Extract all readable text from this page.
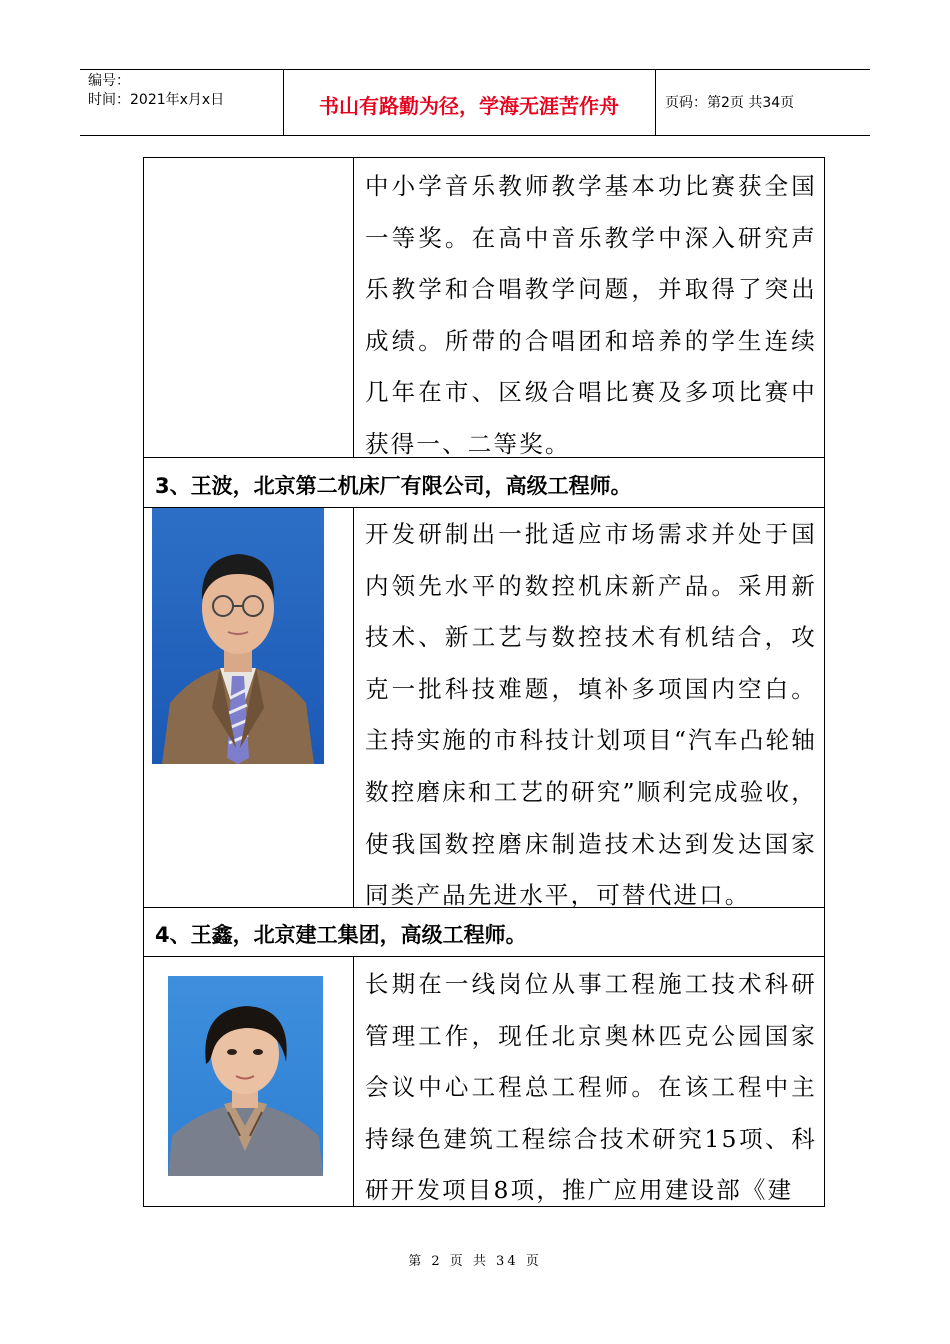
编号：
时间：2021年x月x日	书山有路勤为径，学海无涯苦作舟	页码：第2页 共34页
中小学音乐教师教学基本功比赛获全国一等奖。在高中音乐教学中深入研究声乐教学和合唱教学问题，并取得了突出成绩。所带的合唱团和培养的学生连续几年在市、区级合唱比赛及多项比赛中获得一、二等奖。
3、王波，北京第二机床厂有限公司，高级工程师。
开发研制出一批适应市场需求并处于国内领先水平的数控机床新产品。采用新技术、新工艺与数控技术有机结合，攻克一批科技难题，填补多项国内空白。主持实施的市科技计划项目“汽车凸轮轴数控磨床和工艺的研究”顺利完成验收，使我国数控磨床制造技术达到发达国家同类产品先进水平，可替代进口。
4、王鑫，北京建工集团，高级工程师。
长期在一线岗位从事工程施工技术科研管理工作，现任北京奥林匹克公园国家会议中心工程总工程师。在该工程中主持绿色建筑工程综合技术研究15项、科研开发项目8项，推广应用建设部《建
第 2 页 共 34 页
